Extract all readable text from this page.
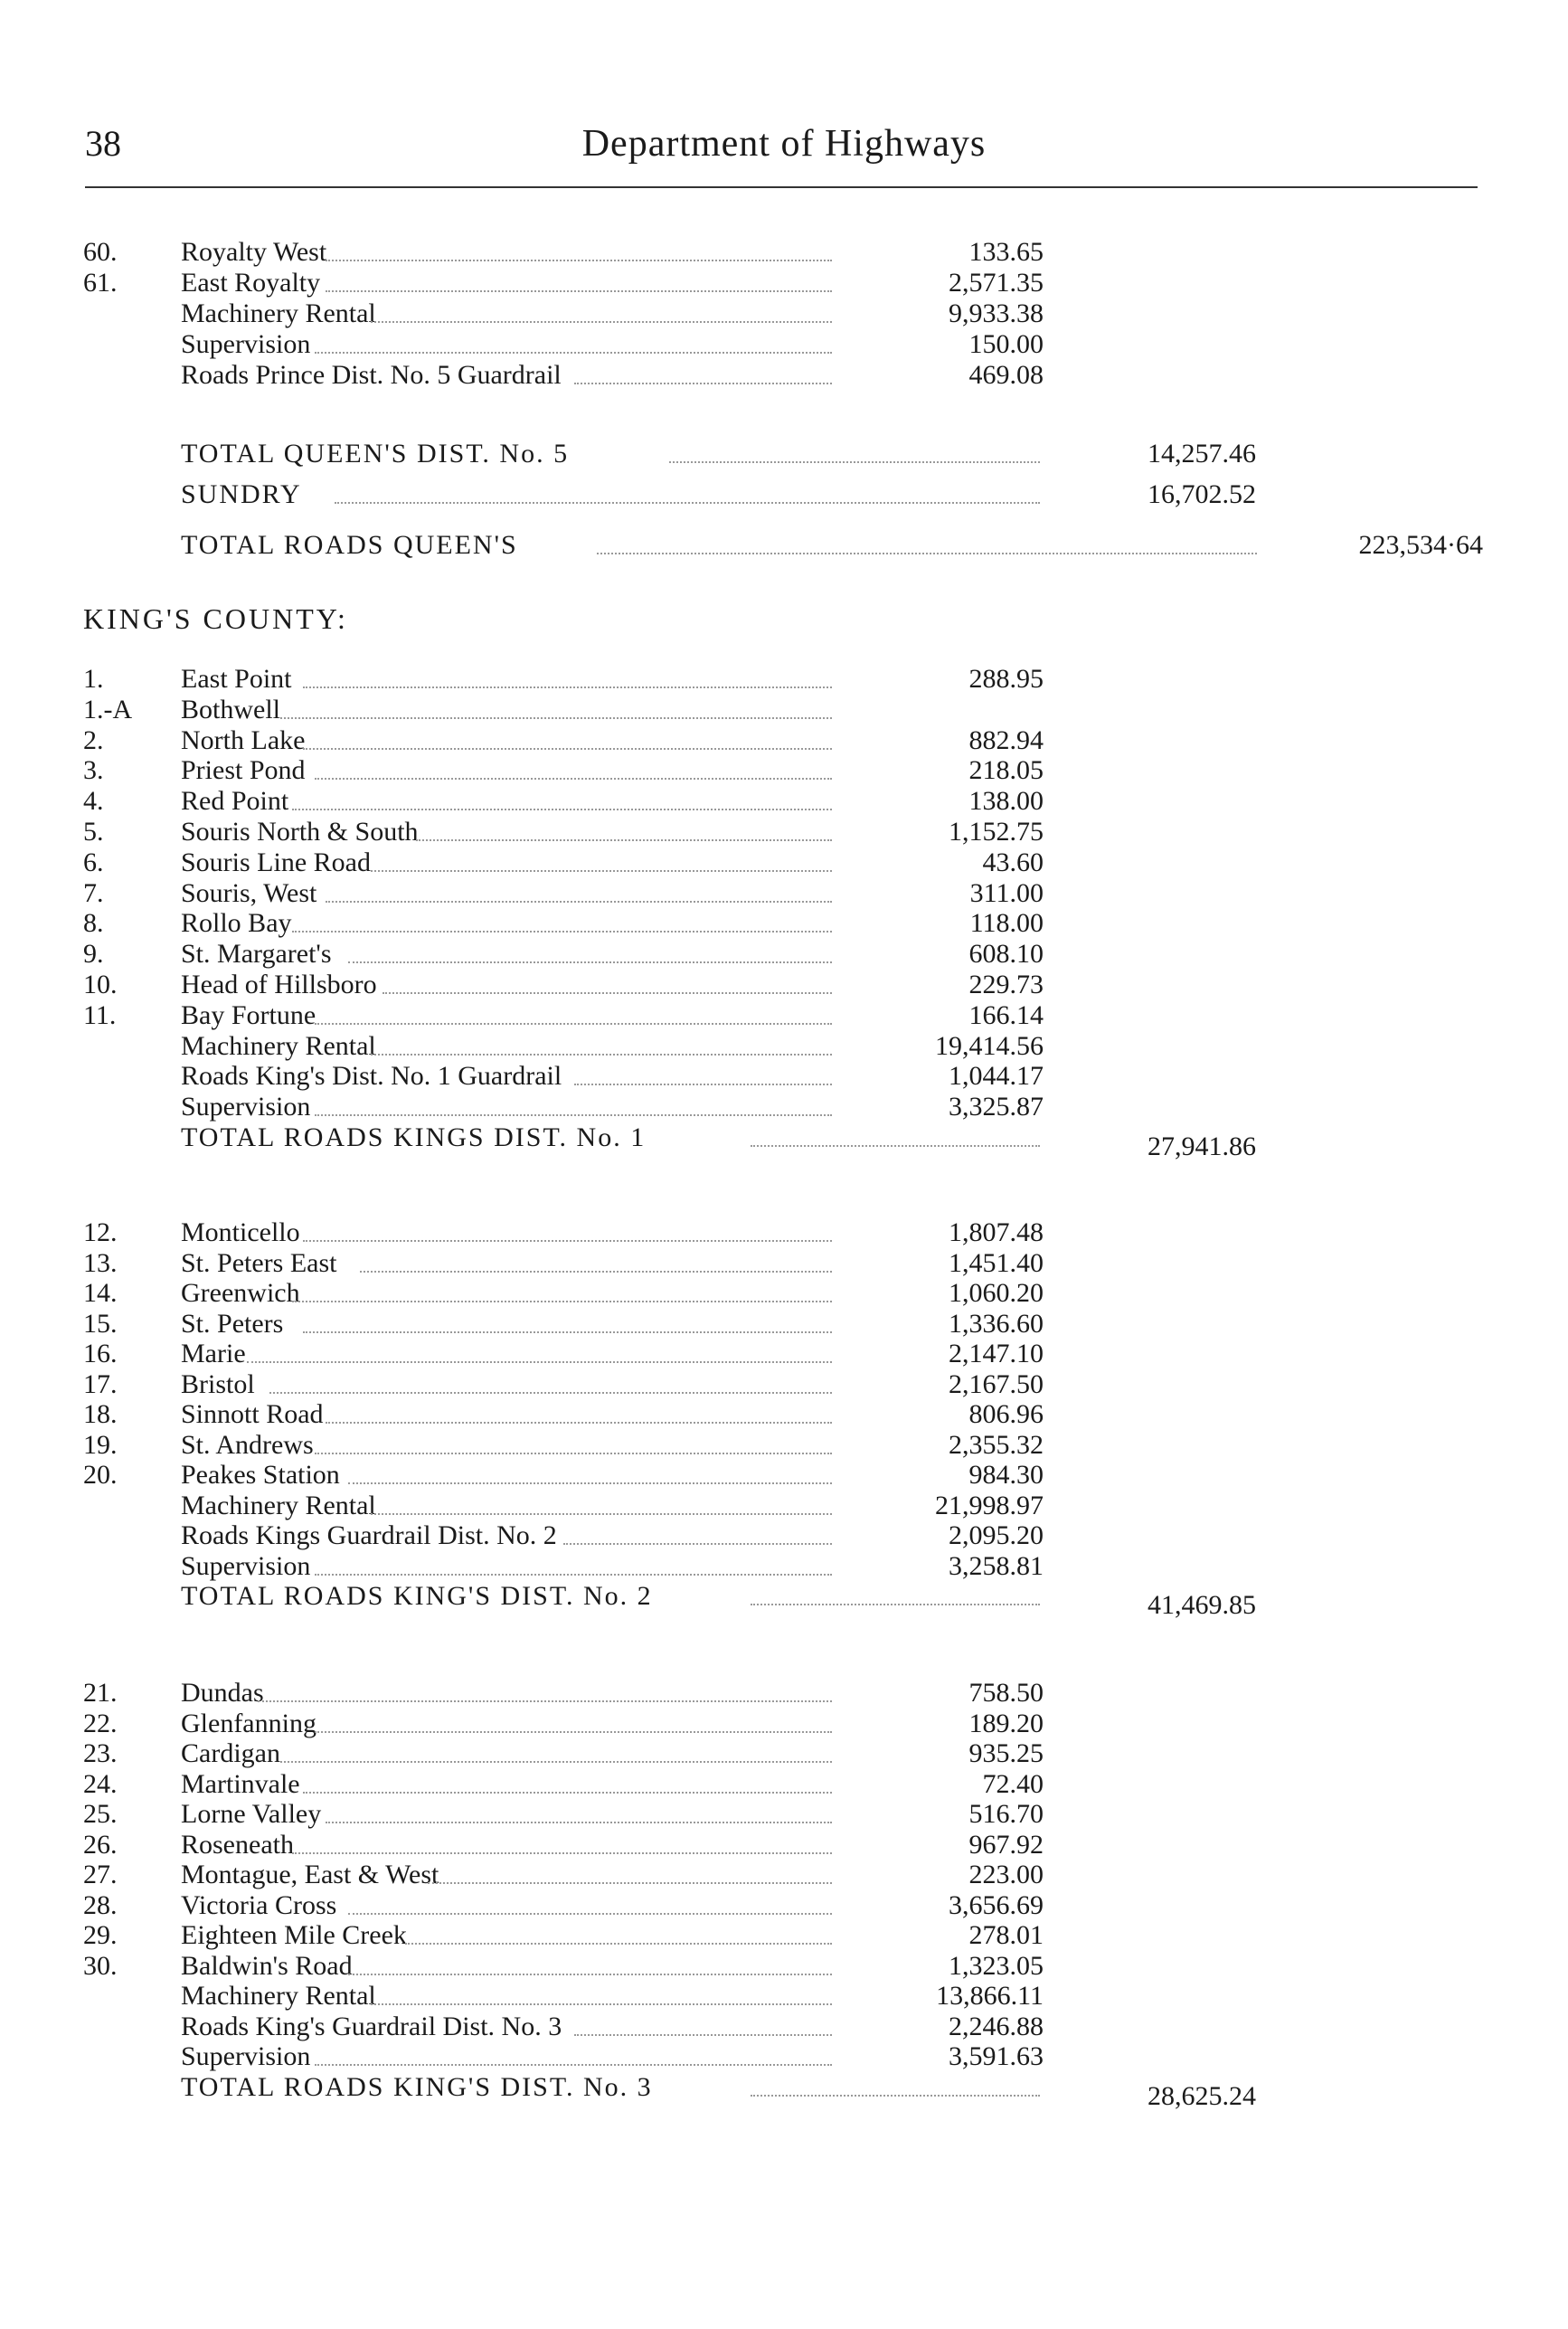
38	Department of Highways
60. Royalty West	133.65
61. East Royalty	2,571.35
Machinery Rental	9,933.38
Supervision	150.00
Roads Prince Dist. No. 5 Guardrail	469.08
TOTAL QUEEN'S DIST. No. 5	14,257.46
SUNDRY	16,702.52
TOTAL ROADS QUEEN'S	223,534·64
KING'S COUNTY:
1.	East Point	288.95
1.-A Bothwell
2.	North Lake	882.94
3.	Priest Pond	218.05
4.	Red Point	138.00
5.	Souris North & South	1,152.75
6.	Souris Line Road	43.60
7.	Souris, West	311.00
8.	Rollo Bay	118.00
9.	St. Margaret's	608.10
10. Head of Hillsboro	229.73
11. Bay Fortune	166.14
Machinery Rental	19,414.56
Roads King's Dist. No. 1 Guardrail	1,044.17
Supervision	3,325.87
TOTAL ROADS KINGS DIST. No. 1	27,941.86
12. Monticello	1,807.48
13. St. Peters East	1,451.40
14. Greenwich	1,060.20
15. St. Peters	1,336.60
16. Marie	2,147.10
17. Bristol	2,167.50
18. Sinnott Road	806.96
19. St. Andrews	2,355.32
20. Peakes Station	984.30
Machinery Rental	21,998.97
Roads Kings Guardrail Dist. No. 2	2,095.20
Supervision	3,258.81
TOTAL ROADS KING'S DIST. No. 2	41,469.85
21. Dundas	758.50
22. Glenfanning	189.20
23. Cardigan	935.25
24. Martinvale	72.40
25. Lorne Valley	516.70
26. Roseneath	967.92
27. Montague, East & West	223.00
28. Victoria Cross	3,656.69
29. Eighteen Mile Creek	278.01
30. Baldwin's Road	1,323.05
Machinery Rental	13,866.11
Roads King's Guardrail Dist. No. 3	2,246.88
Supervision	3,591.63
TOTAL ROADS KING'S DIST. No. 3	28,625.24
